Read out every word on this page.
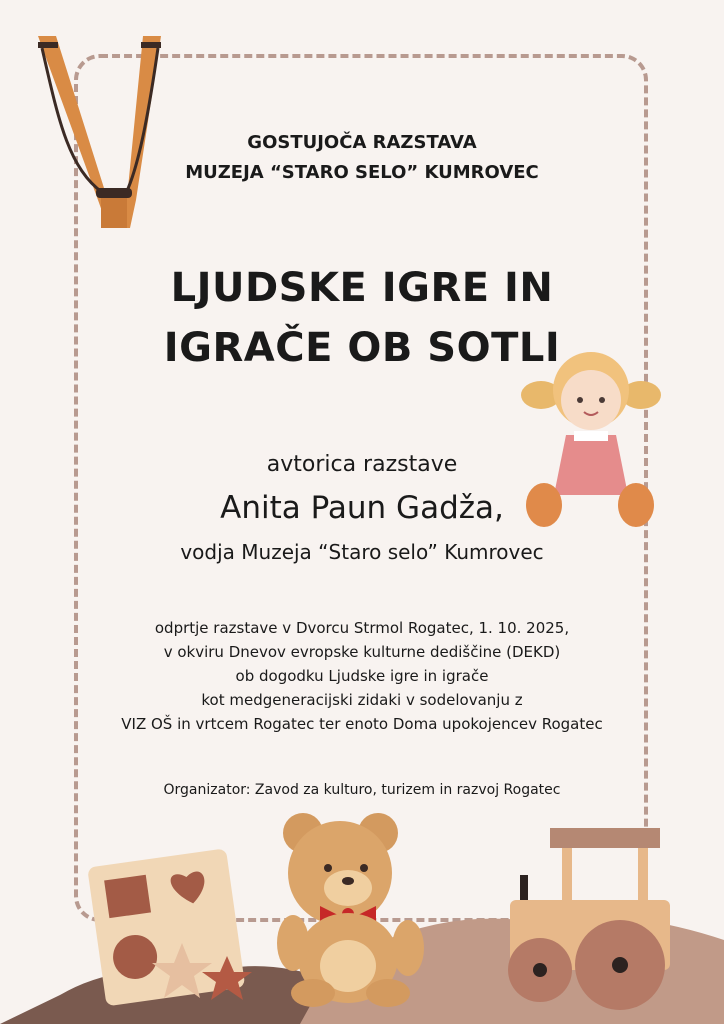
GOSTUJOČA RAZSTAVA
MUZEJA “STARO SELO” KUMROVEC
LJUDSKE IGRE IN
IGRAČE OB SOTLI
avtorica razstave
Anita Paun Gadža,
vodja Muzeja “Staro selo” Kumrovec
odprtje razstave v Dvorcu Strmol Rogatec, 1. 10. 2025,
v okviru Dnevov evropske kulturne dediščine (DEKD)
ob dogodku Ljudske igre in igrače
kot medgeneracijski zidaki v sodelovanju z
VIZ OŠ in vrtcem Rogatec ter enoto Doma upokojencev Rogatec
Organizator: Zavod za kulturo, turizem in razvoj Rogatec
